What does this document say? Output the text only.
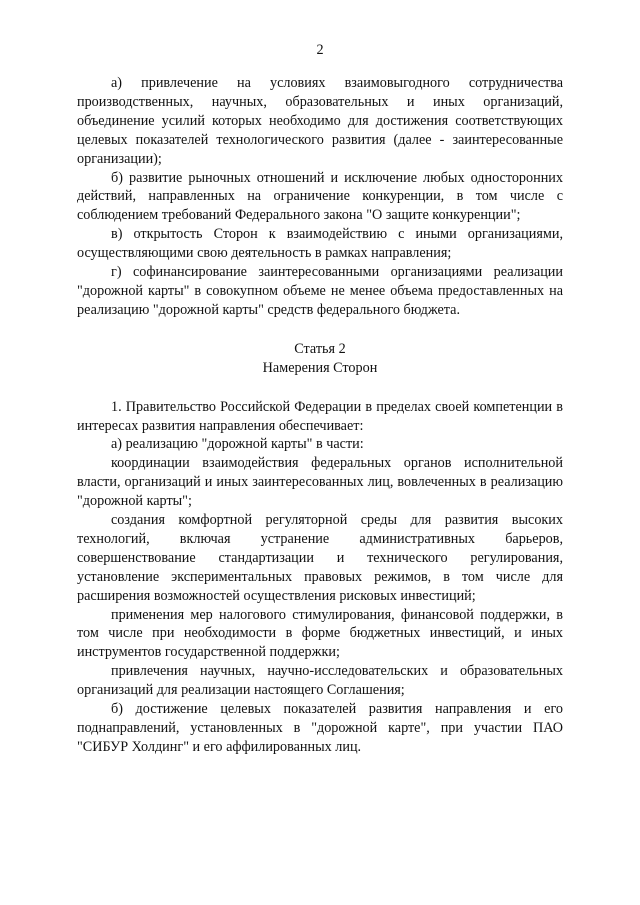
2

а) привлечение на условиях взаимовыгодного сотрудничества производственных, научных, образовательных и иных организаций, объединение усилий которых необходимо для достижения соответствующих целевых показателей технологического развития (далее - заинтересованные организации);

б) развитие рыночных отношений и исключение любых односторонних действий, направленных на ограничение конкуренции, в том числе с соблюдением требований Федерального закона "О защите конкуренции";

в) открытость Сторон к взаимодействию с иными организациями, осуществляющими свою деятельность в рамках направления;

г) софинансирование заинтересованными организациями реализации "дорожной карты" в совокупном объеме не менее объема предоставленных на реализацию "дорожной карты" средств федерального бюджета.

Статья 2
Намерения Сторон

1. Правительство Российской Федерации в пределах своей компетенции в интересах развития направления обеспечивает:

а) реализацию "дорожной карты" в части:

координации взаимодействия федеральных органов исполнительной власти, организаций и иных заинтересованных лиц, вовлеченных в реализацию "дорожной карты";

создания комфортной регуляторной среды для развития высоких технологий, включая устранение административных барьеров, совершенствование стандартизации и технического регулирования, установление экспериментальных правовых режимов, в том числе для расширения возможностей осуществления рисковых инвестиций;

применения мер налогового стимулирования, финансовой поддержки, в том числе при необходимости в форме бюджетных инвестиций, и иных инструментов государственной поддержки;

привлечения научных, научно-исследовательских и образовательных организаций для реализации настоящего Соглашения;

б) достижение целевых показателей развития направления и его поднаправлений, установленных в "дорожной карте", при участии ПАО "СИБУР Холдинг" и его аффилированных лиц.
